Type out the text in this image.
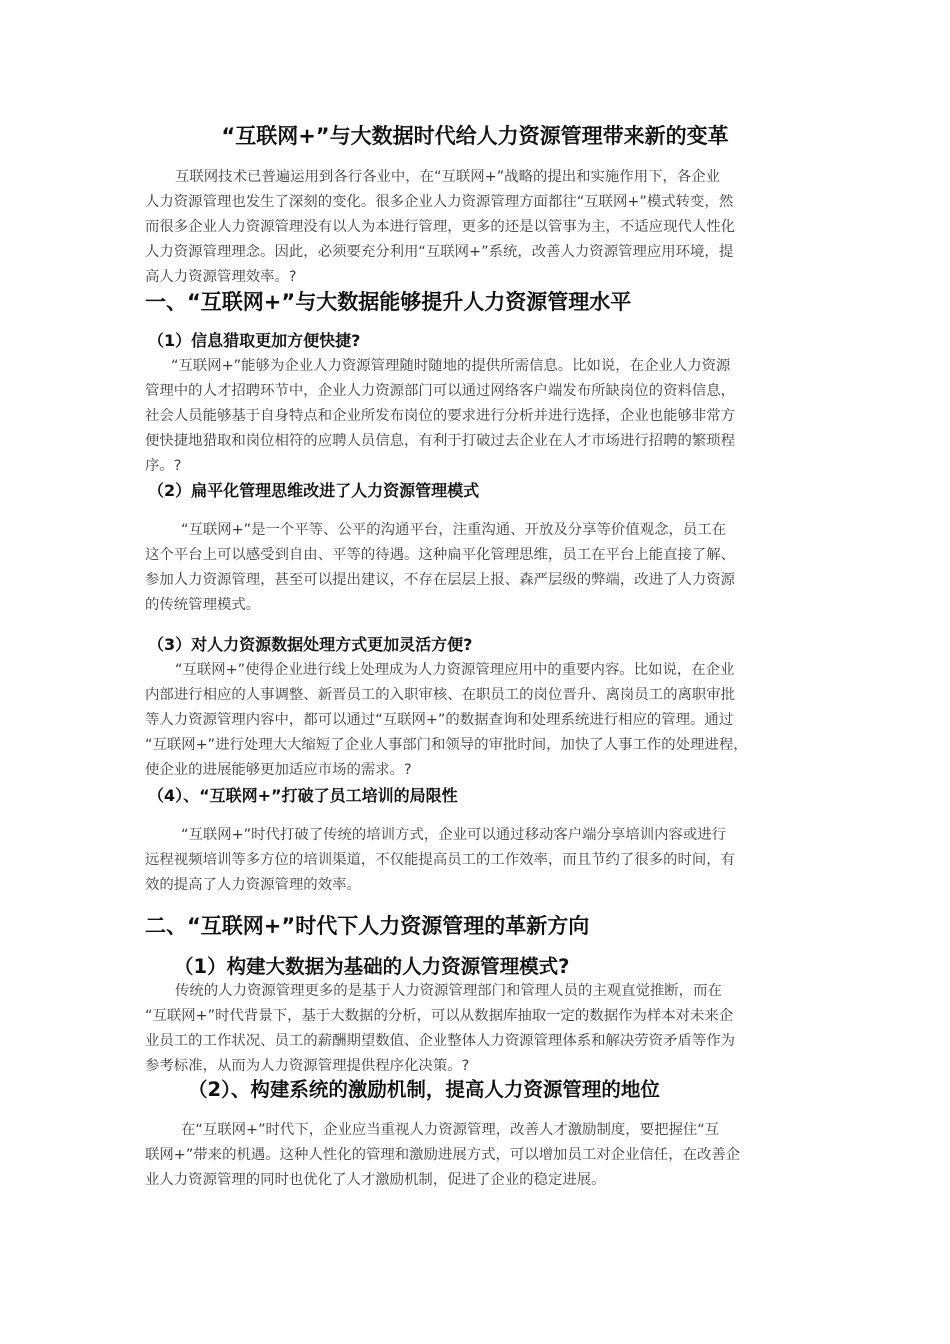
“互联网+”与大数据时代给人力资源管理带来新的变革
互联网技术已普遍运用到各行各业中，在“互联网+”战略的提出和实施作用下，各企业
人力资源管理也发生了深刻的变化。很多企业人力资源管理方面都往“互联网+”模式转变，然
而很多企业人力资源管理没有以人为本进行管理，更多的还是以管事为主，不适应现代人性化
人力资源管理理念。因此，必须要充分利用“互联网+”系统，改善人力资源管理应用环境，提
高人力资源管理效率。?
一、“互联网+”与大数据能够提升人力资源管理水平
（1）信息猎取更加方便快捷?
“互联网+”能够为企业人力资源管理随时随地的提供所需信息。比如说，在企业人力资源
管理中的人才招聘环节中，企业人力资源部门可以通过网络客户端发布所缺岗位的资料信息，
社会人员能够基于自身特点和企业所发布岗位的要求进行分析并进行选择，企业也能够非常方
便快捷地猎取和岗位相符的应聘人员信息，有利于打破过去企业在人才市场进行招聘的繁琐程
序。?
（2）扁平化管理思维改进了人力资源管理模式
“互联网+”是一个平等、公平的沟通平台，注重沟通、开放及分享等价值观念，员工在
这个平台上可以感受到自由、平等的待遇。这种扁平化管理思维，员工在平台上能直接了解、
参加人力资源管理，甚至可以提出建议，不存在层层上报、森严层级的弊端，改进了人力资源
的传统管理模式。
（3）对人力资源数据处理方式更加灵活方便?
“互联网+”使得企业进行线上处理成为人力资源管理应用中的重要内容。比如说，在企业
内部进行相应的人事调整、新晋员工的入职审核、在职员工的岗位晋升、离岗员工的离职审批
等人力资源管理内容中，都可以通过“互联网+”的数据查询和处理系统进行相应的管理。通过
“互联网+”进行处理大大缩短了企业人事部门和领导的审批时间，加快了人事工作的处理进程，
使企业的进展能够更加适应市场的需求。?
（4）、“互联网+”打破了员工培训的局限性
“互联网+”时代打破了传统的培训方式，企业可以通过移动客户端分享培训内容或进行
远程视频培训等多方位的培训渠道，不仅能提高员工的工作效率，而且节约了很多的时间，有
效的提高了人力资源管理的效率。
二、“互联网+”时代下人力资源管理的革新方向
（1）构建大数据为基础的人力资源管理模式?
传统的人力资源管理更多的是基于人力资源管理部门和管理人员的主观直觉推断，而在
“互联网+”时代背景下，基于大数据的分析，可以从数据库抽取一定的数据作为样本对未来企
业员工的工作状况、员工的薪酬期望数值、企业整体人力资源管理体系和解决劳资矛盾等作为
参考标准，从而为人力资源管理提供程序化决策。?
（2）、构建系统的激励机制，提高人力资源管理的地位
在“互联网+”时代下，企业应当重视人力资源管理，改善人才激励制度，要把握住“互
联网+”带来的机遇。这种人性化的管理和激励进展方式，可以增加员工对企业信任，在改善企
业人力资源管理的同时也优化了人才激励机制，促进了企业的稳定进展。
